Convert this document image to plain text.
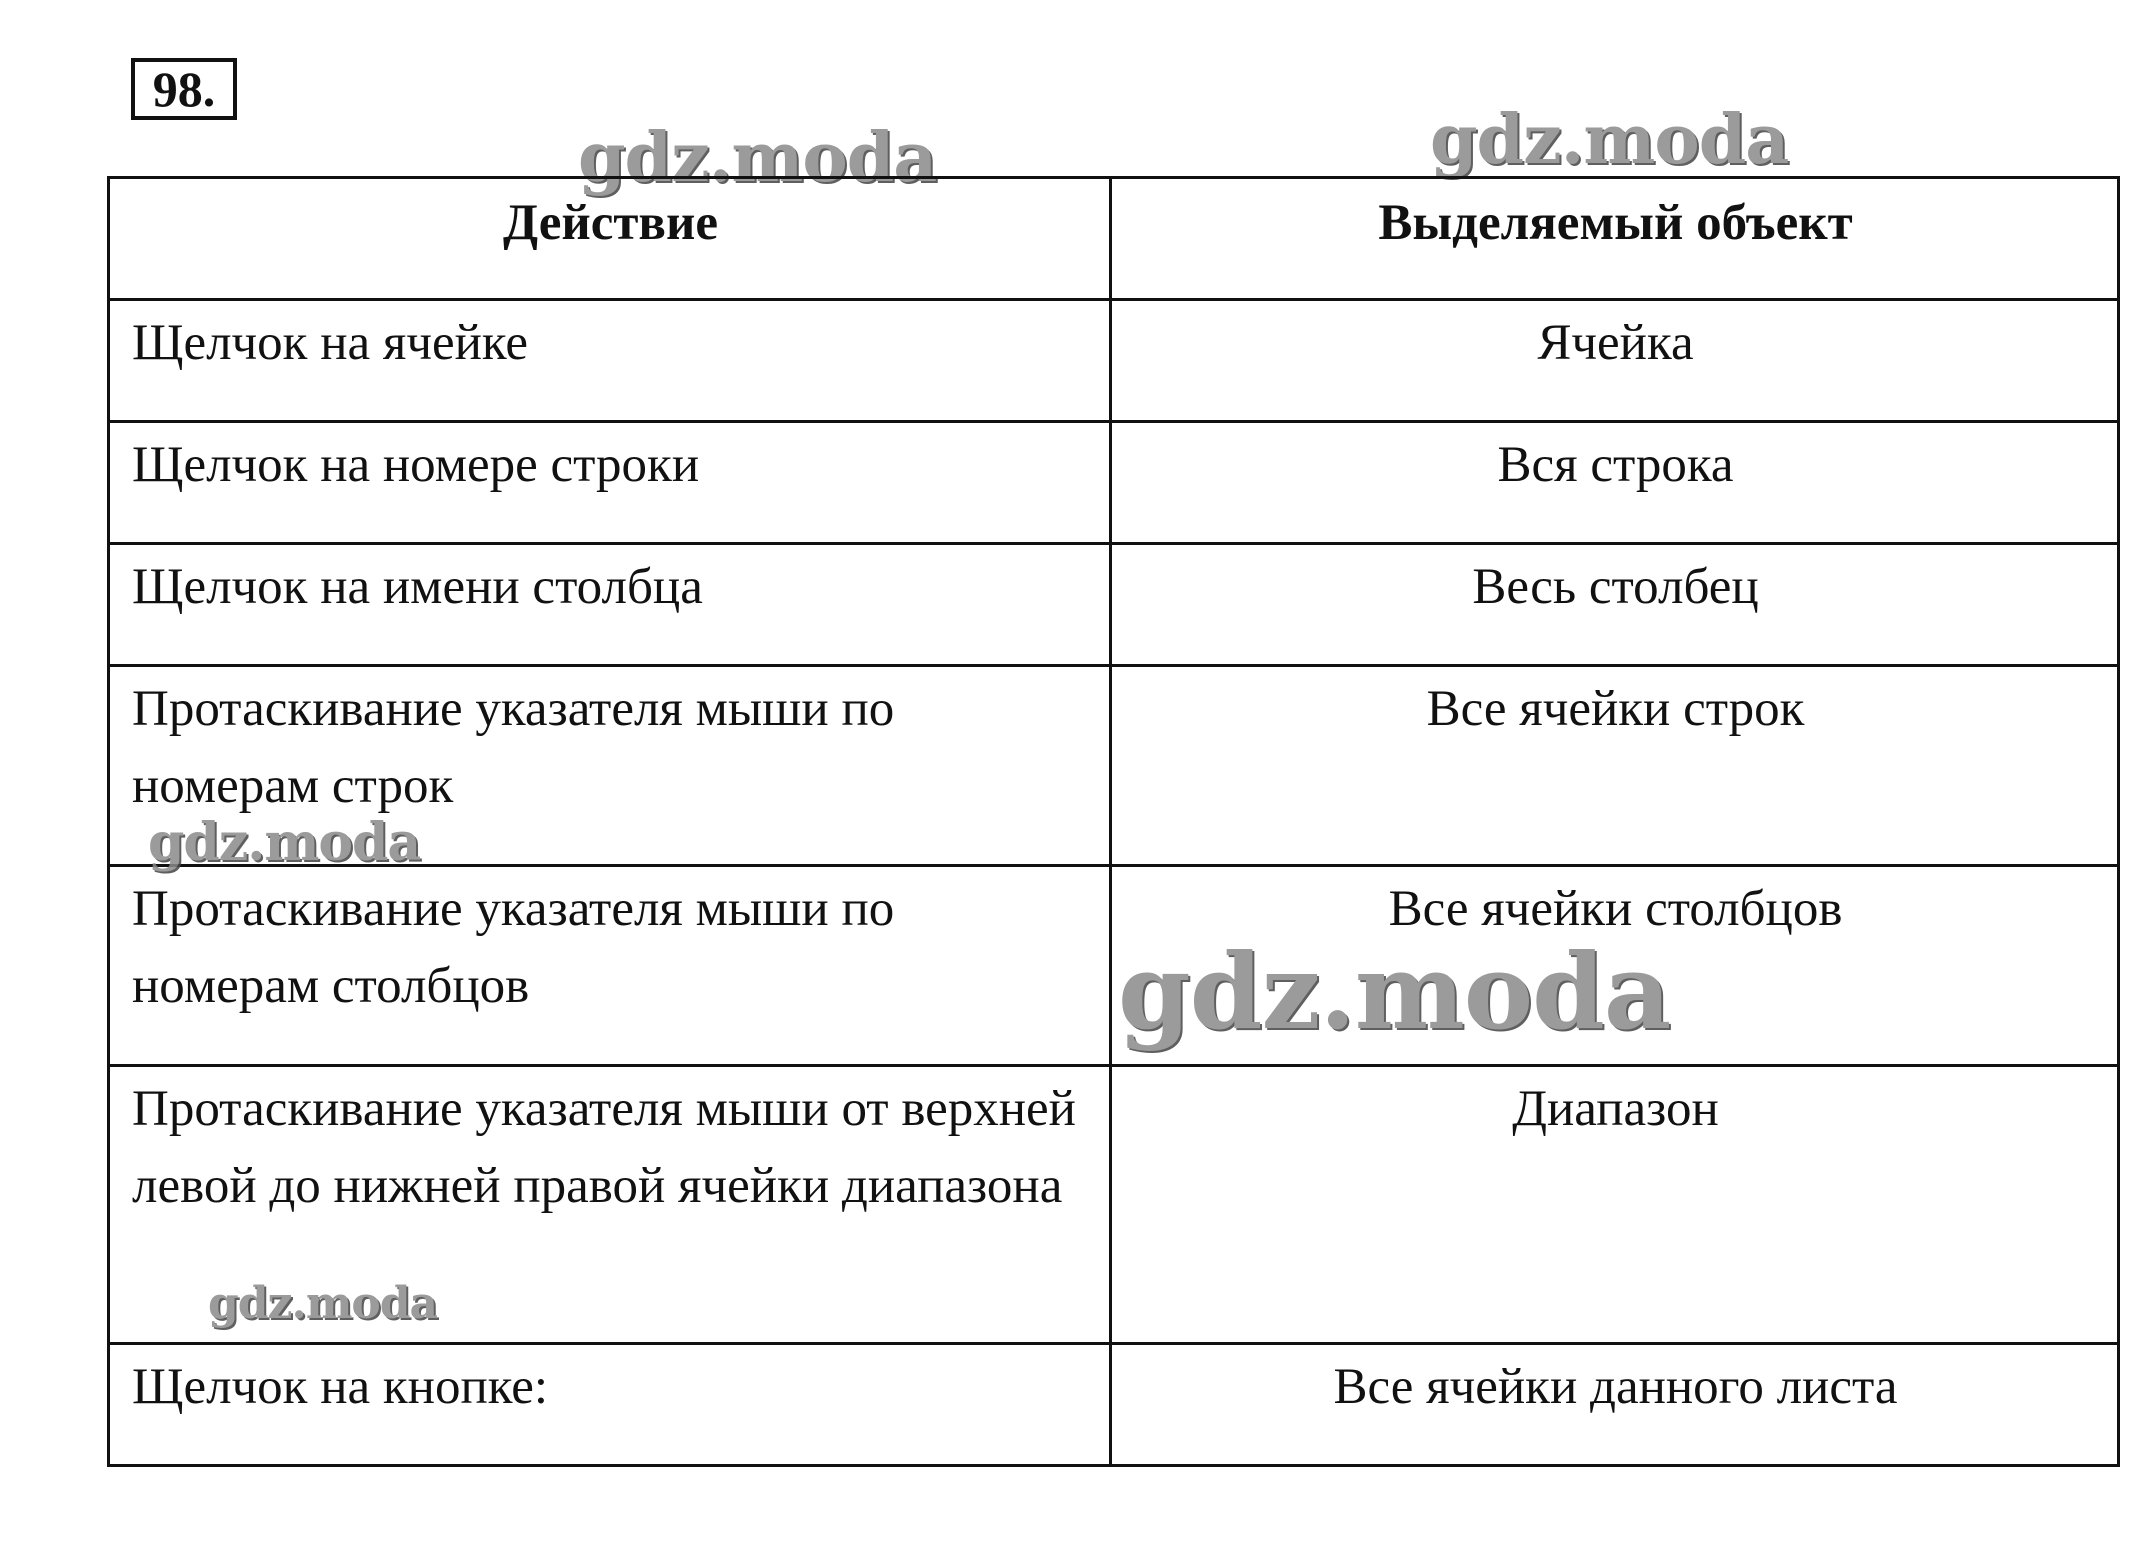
98.
gdz.moda	gdz.moda
Действие	Выделяемый объект
Щелчок на ячейке	Ячейка
Щелчок на номере строки	Вся строка
Щелчок на имени столбца	Весь столбец
Протаскивание указателя мыши по номерам строк	Все ячейки строк
Протаскивание указателя мыши по номерам столбцов	Все ячейки столбцов
Протаскивание указателя мыши от верхней левой до нижней правой ячейки диапазона	Диапазон
Щелчок на кнопке:	Все ячейки данного листа
gdz.moda
gdz.moda
gdz.moda
